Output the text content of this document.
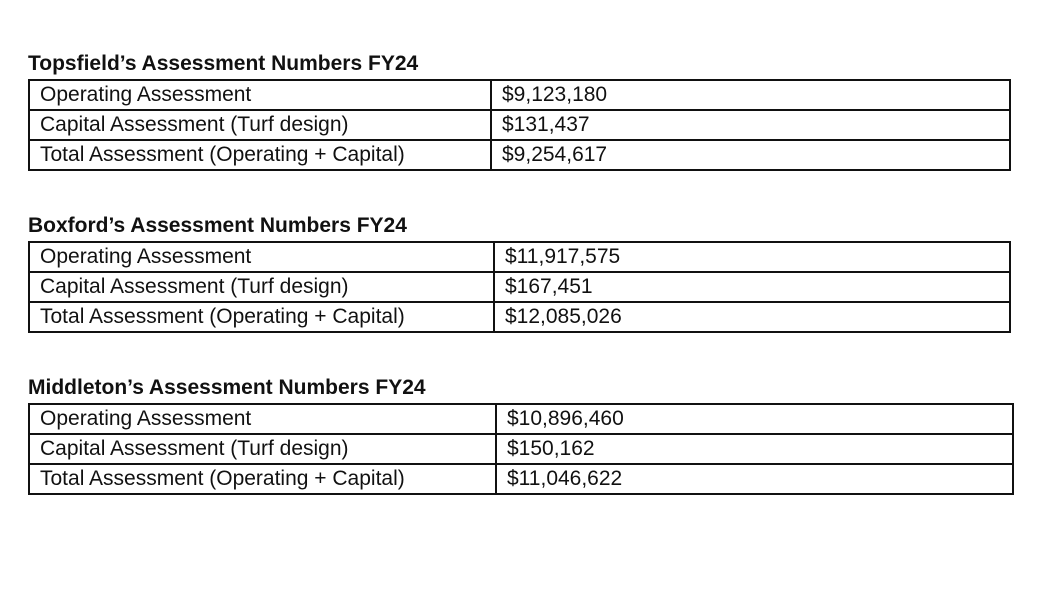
Topsfield’s Assessment Numbers FY24
Operating Assessment	$9,123,180
Capital Assessment (Turf design)	$131,437
Total Assessment (Operating + Capital)	$9,254,617
Boxford’s Assessment Numbers FY24
Operating Assessment	$11,917,575
Capital Assessment (Turf design)	$167,451
Total Assessment (Operating + Capital)	$12,085,026
Middleton’s Assessment Numbers FY24
Operating Assessment	$10,896,460
Capital Assessment (Turf design)	$150,162
Total Assessment (Operating + Capital)	$11,046,622
